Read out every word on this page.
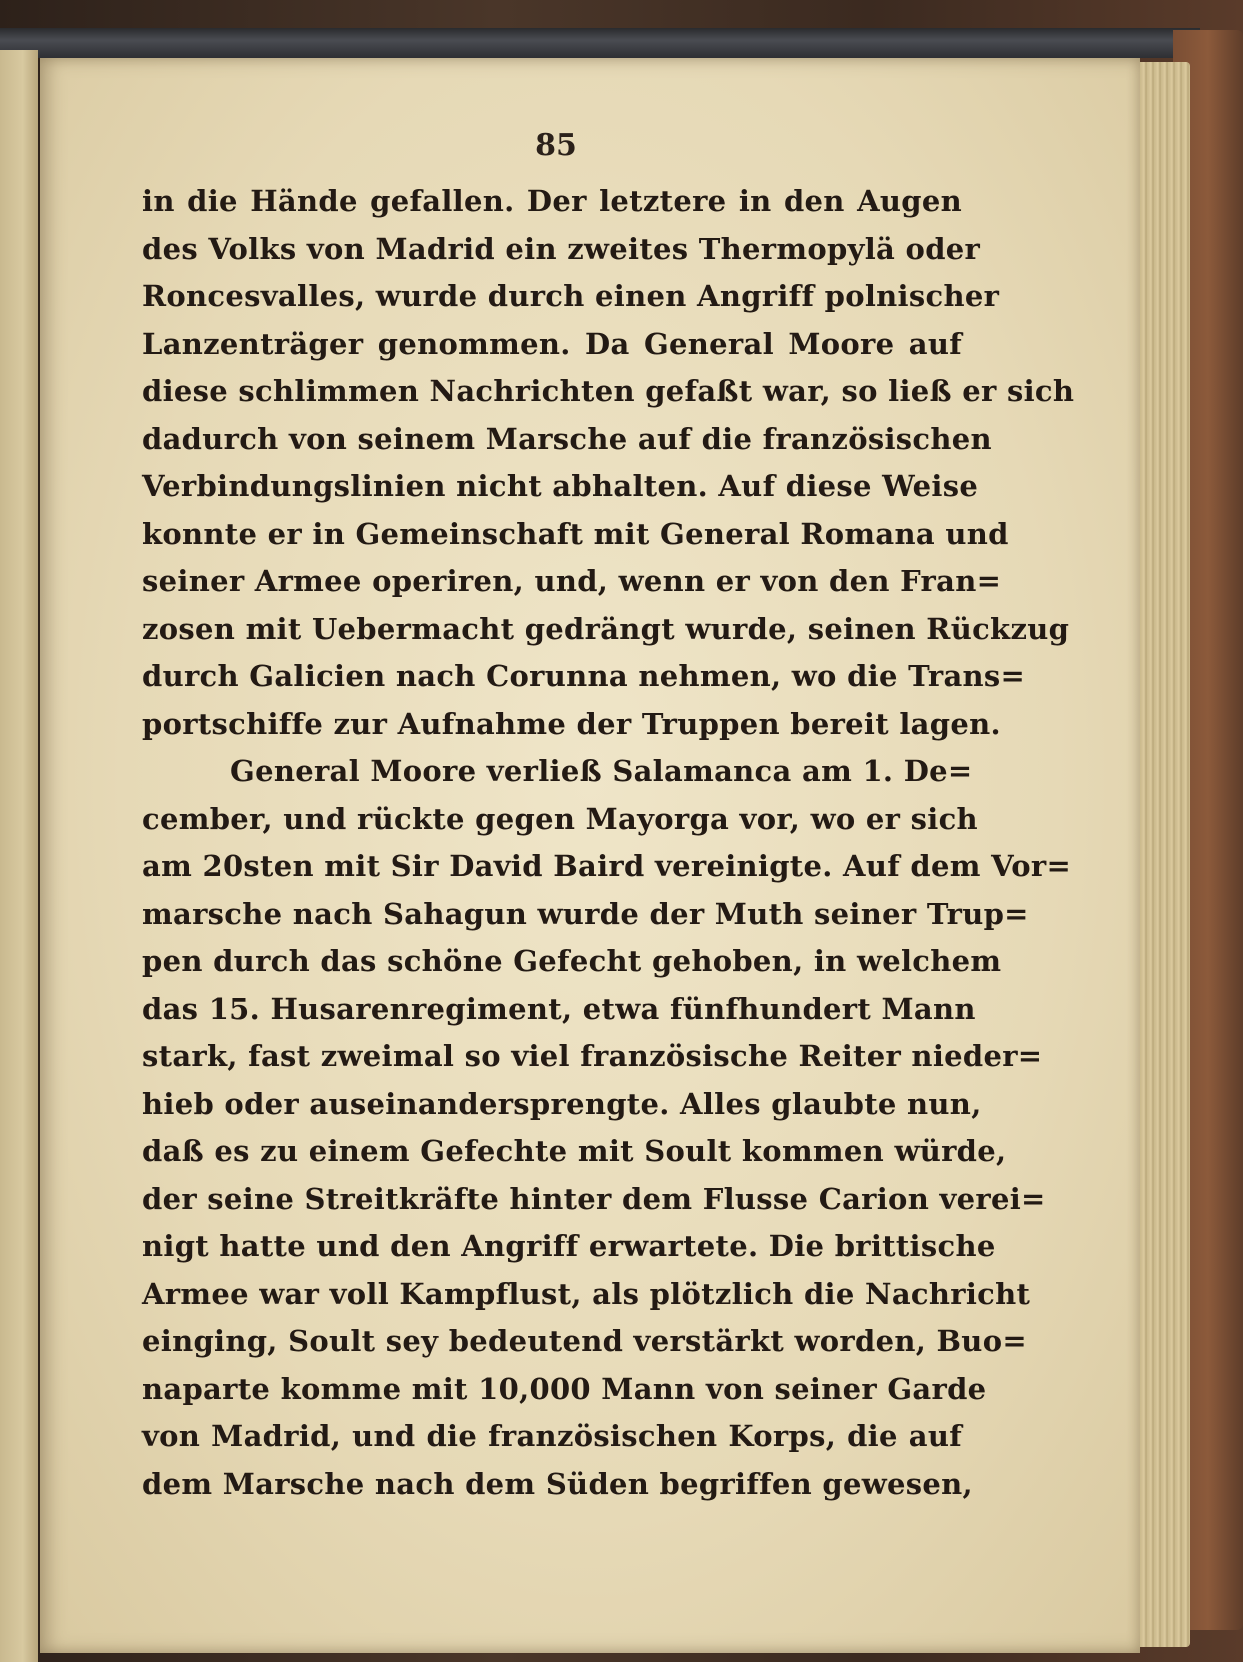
85
in die Hände gefallen. Der letztere in den Augen
des Volks von Madrid ein zweites Thermopylä oder
Roncesvalles, wurde durch einen Angriff polnischer
Lanzenträger genommen. Da General Moore auf
diese schlimmen Nachrichten gefaßt war, so ließ er sich
dadurch von seinem Marsche auf die französischen
Verbindungslinien nicht abhalten. Auf diese Weise
konnte er in Gemeinschaft mit General Romana und
seiner Armee operiren, und, wenn er von den Fran=
zosen mit Uebermacht gedrängt wurde, seinen Rückzug
durch Galicien nach Corunna nehmen, wo die Trans=
portschiffe zur Aufnahme der Truppen bereit lagen.
General Moore verließ Salamanca am 1. De=
cember, und rückte gegen Mayorga vor, wo er sich
am 20sten mit Sir David Baird vereinigte. Auf dem Vor=
marsche nach Sahagun wurde der Muth seiner Trup=
pen durch das schöne Gefecht gehoben, in welchem
das 15. Husarenregiment, etwa fünfhundert Mann
stark, fast zweimal so viel französische Reiter nieder=
hieb oder auseinandersprengte. Alles glaubte nun,
daß es zu einem Gefechte mit Soult kommen würde,
der seine Streitkräfte hinter dem Flusse Carion verei=
nigt hatte und den Angriff erwartete. Die brittische
Armee war voll Kampflust, als plötzlich die Nachricht
einging, Soult sey bedeutend verstärkt worden, Buo=
naparte komme mit 10,000 Mann von seiner Garde
von Madrid, und die französischen Korps, die auf
dem Marsche nach dem Süden begriffen gewesen,
